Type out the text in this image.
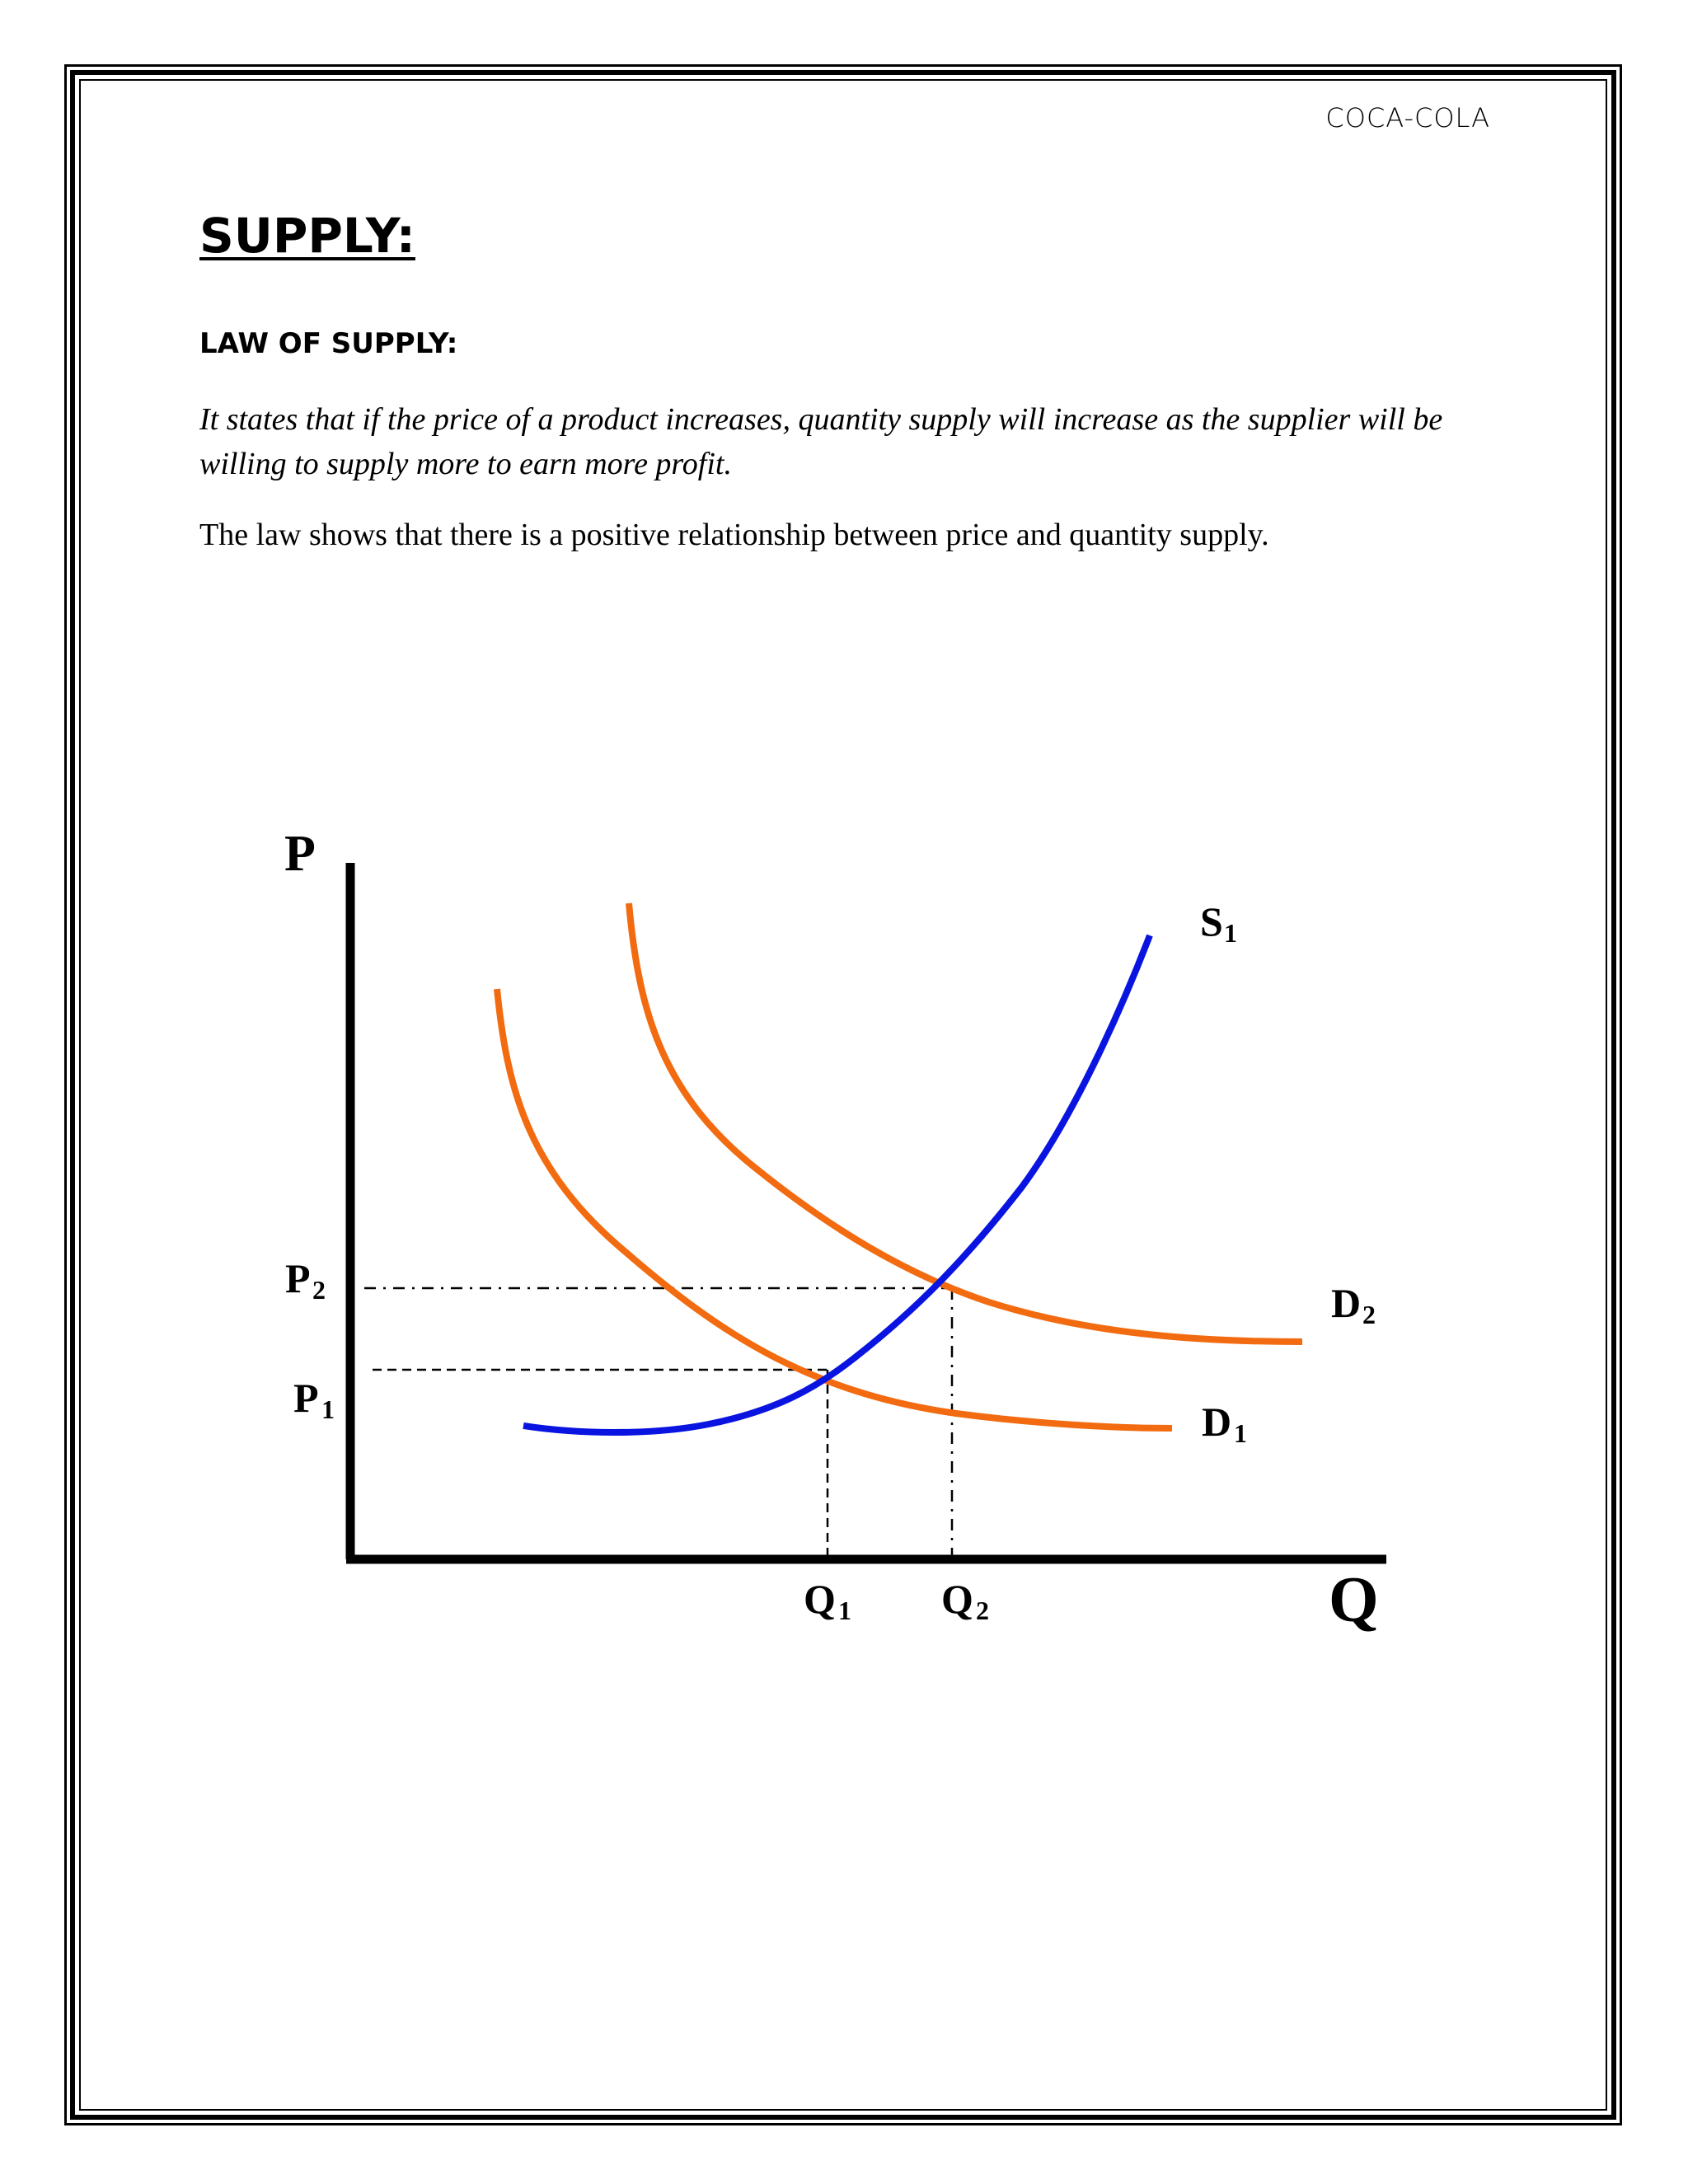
COCA-COLA
SUPPLY:
LAW OF SUPPLY:

It states that if the price of a product increases, quantity supply will increase as the supplier will be willing to supply more to earn more profit.

The law shows that there is a positive relationship between price and quantity supply.

P
Q
P 2
P 1
Q 1 Q 2
S 1
D 2
D 1
